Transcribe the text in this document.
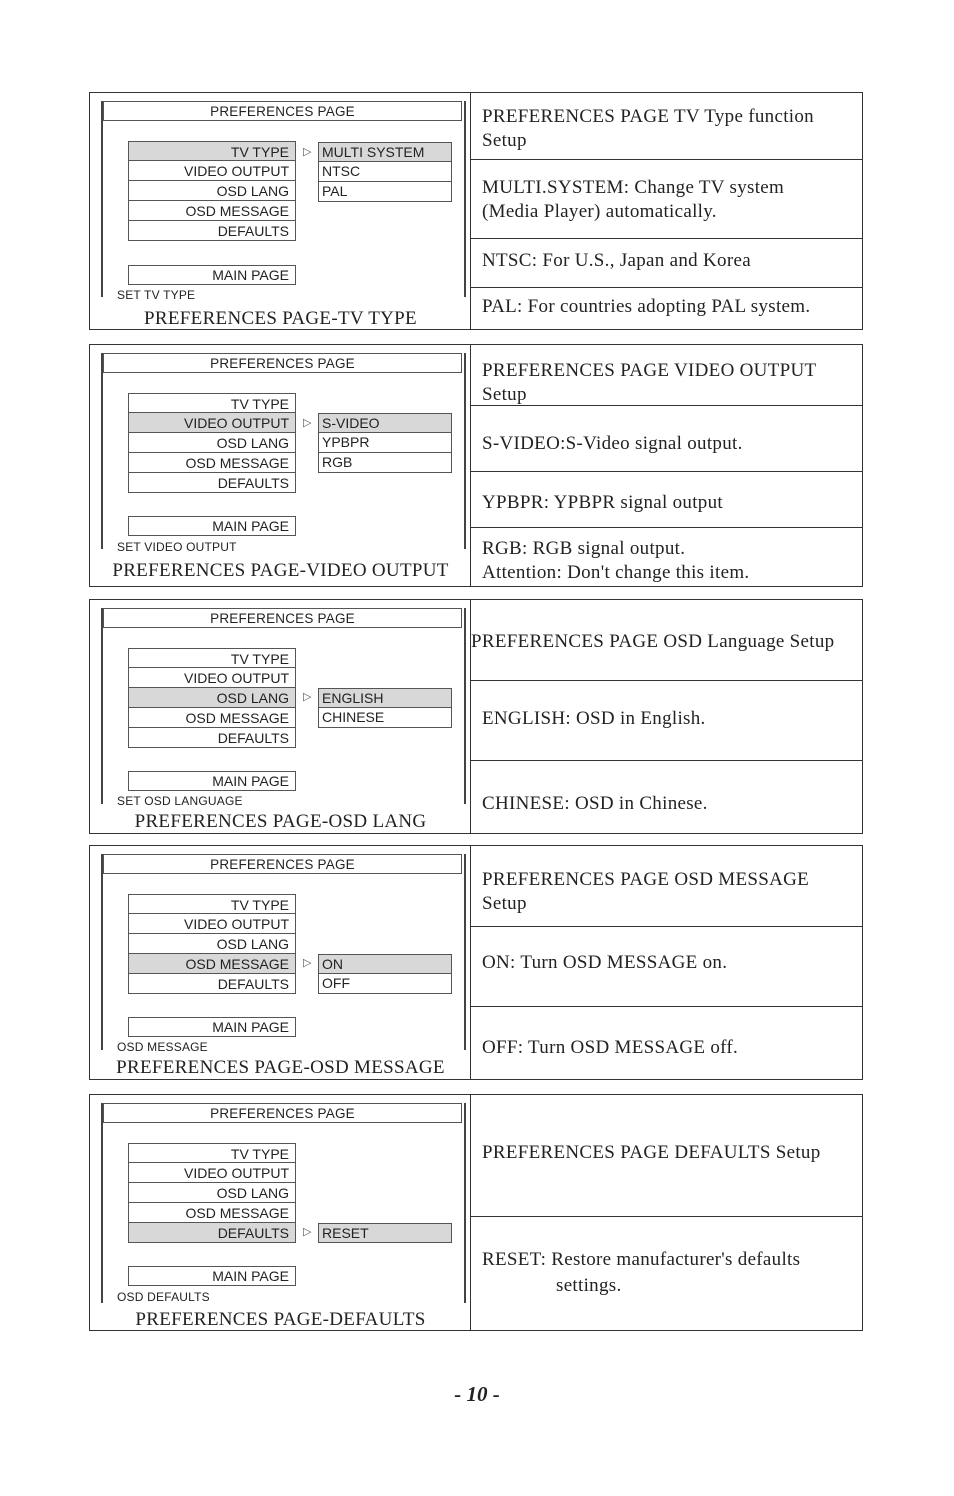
PREFERENCES PAGE
TV TYPE
VIDEO OUTPUT
OSD LANG
OSD MESSAGE
DEFAULTS
▷ MULTI SYSTEM
NTSC
PAL
MAIN PAGE
SET TV TYPE
PREFERENCES PAGE-TV TYPE
PREFERENCES PAGE TV Type function
Setup
MULTI.SYSTEM: Change TV system
(Media Player) automatically.
NTSC: For U.S., Japan and Korea
PAL: For countries adopting PAL system.
PREFERENCES PAGE
TV TYPE
VIDEO OUTPUT
OSD LANG
OSD MESSAGE
DEFAULTS
▷ S-VIDEO
YPBPR
RGB
MAIN PAGE
SET VIDEO OUTPUT
PREFERENCES PAGE-VIDEO OUTPUT
PREFERENCES PAGE VIDEO OUTPUT
Setup
S-VIDEO:S-Video signal output.
YPBPR: YPBPR signal output
RGB: RGB signal output.
Attention: Don't change this item.
PREFERENCES PAGE
TV TYPE
VIDEO OUTPUT
OSD LANG
OSD MESSAGE
DEFAULTS
▷ ENGLISH
CHINESE
MAIN PAGE
SET OSD LANGUAGE
PREFERENCES PAGE-OSD LANG
PREFERENCES PAGE OSD Language Setup
ENGLISH: OSD in English.
CHINESE: OSD in Chinese.
PREFERENCES PAGE
TV TYPE
VIDEO OUTPUT
OSD LANG
OSD MESSAGE
DEFAULTS
▷ ON
OFF
MAIN PAGE
OSD MESSAGE
PREFERENCES PAGE-OSD MESSAGE
PREFERENCES PAGE OSD MESSAGE
Setup
ON: Turn OSD MESSAGE on.
OFF: Turn OSD MESSAGE off.
PREFERENCES PAGE
TV TYPE
VIDEO OUTPUT
OSD LANG
OSD MESSAGE
DEFAULTS	▷ RESET
MAIN PAGE
OSD DEFAULTS
PREFERENCES PAGE-DEFAULTS
PREFERENCES PAGE DEFAULTS Setup
RESET: Restore manufacturer's defaults
settings.
- 10 -
